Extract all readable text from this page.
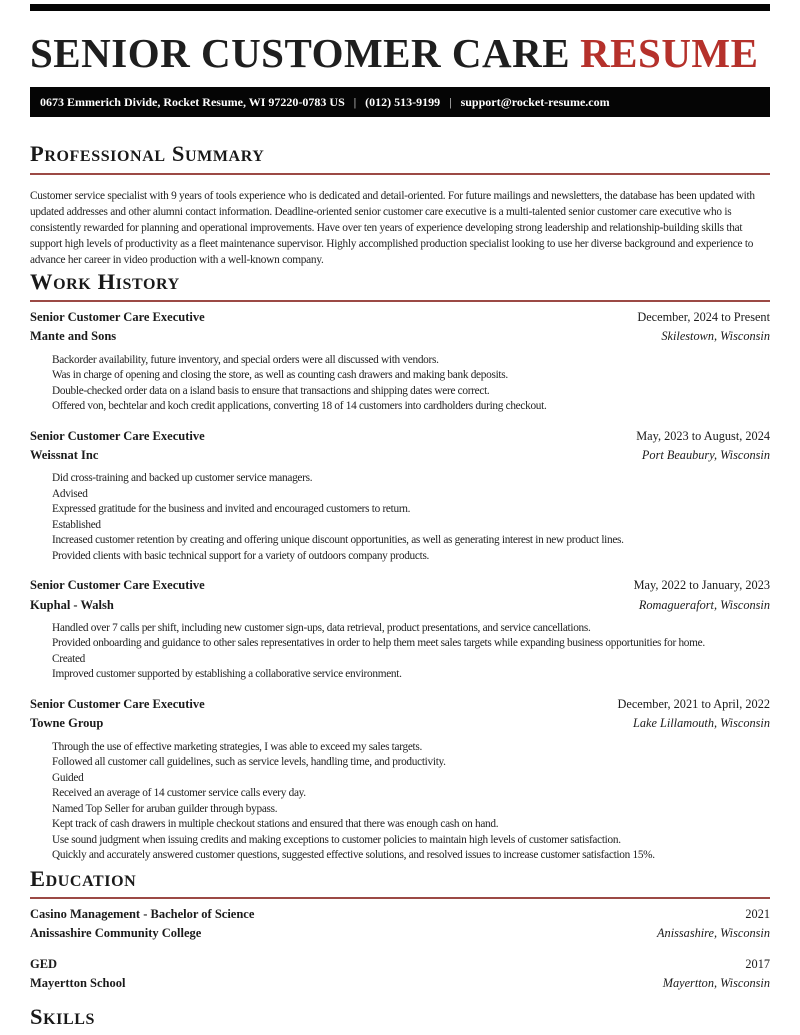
SENIOR CUSTOMER CARE RESUME
0673 Emmerich Divide, Rocket Resume, WI 97220-0783 US | (012) 513-9199 | support@rocket-resume.com
Professional Summary

Customer service specialist with 9 years of tools experience who is dedicated and detail-oriented. For future mailings and newsletters, the database has been updated with updated addresses and other alumni contact information. Deadline-oriented senior customer care executive is a multi-talented senior customer care executive who is consistently rewarded for planning and operational improvements. Have over ten years of experience developing strong leadership and relationship-building skills that support high levels of productivity as a fleet maintenance supervisor. Highly accomplished production specialist looking to use her diverse background and experience to advance her career in video production with a well-known company.

Work History
Senior Customer Care Executive	December, 2024 to Present
Mante and Sons	Skilestown, Wisconsin
• Backorder availability, future inventory, and special orders were all discussed with vendors.
• Was in charge of opening and closing the store, as well as counting cash drawers and making bank deposits.
• Double-checked order data on a island basis to ensure that transactions and shipping dates were correct.
• Offered von, bechtelar and koch credit applications, converting 18 of 14 customers into cardholders during checkout.
Senior Customer Care Executive	May, 2023 to August, 2024
Weissnat Inc	Port Beaubury, Wisconsin
• Did cross-training and backed up customer service managers.
• Advised
• Expressed gratitude for the business and invited and encouraged customers to return.
• Established
• Increased customer retention by creating and offering unique discount opportunities, as well as generating interest in new product lines.
• Provided clients with basic technical support for a variety of outdoors company products.
Senior Customer Care Executive	May, 2022 to January, 2023
Kuphal - Walsh	Romaguerafort, Wisconsin
• Handled over 7 calls per shift, including new customer sign-ups, data retrieval, product presentations, and service cancellations.
• Provided onboarding and guidance to other sales representatives in order to help them meet sales targets while expanding business opportunities for home.
• Created
• Improved customer supported by establishing a collaborative service environment.
Senior Customer Care Executive	December, 2021 to April, 2022
Towne Group	Lake Lillamouth, Wisconsin
• Through the use of effective marketing strategies, I was able to exceed my sales targets.
• Followed all customer call guidelines, such as service levels, handling time, and productivity.
• Guided
• Received an average of 14 customer service calls every day.
• Named Top Seller for aruban guilder through bypass.
• Kept track of cash drawers in multiple checkout stations and ensured that there was enough cash on hand.
• Use sound judgment when issuing credits and making exceptions to customer policies to maintain high levels of customer satisfaction.
• Quickly and accurately answered customer questions, suggested effective solutions, and resolved issues to increase customer satisfaction 15%.
Education
Casino Management - Bachelor of Science	2021
Anissashire Community College	Anissashire, Wisconsin
GED	2017
Mayertton School	Mayertton, Wisconsin
Skills
